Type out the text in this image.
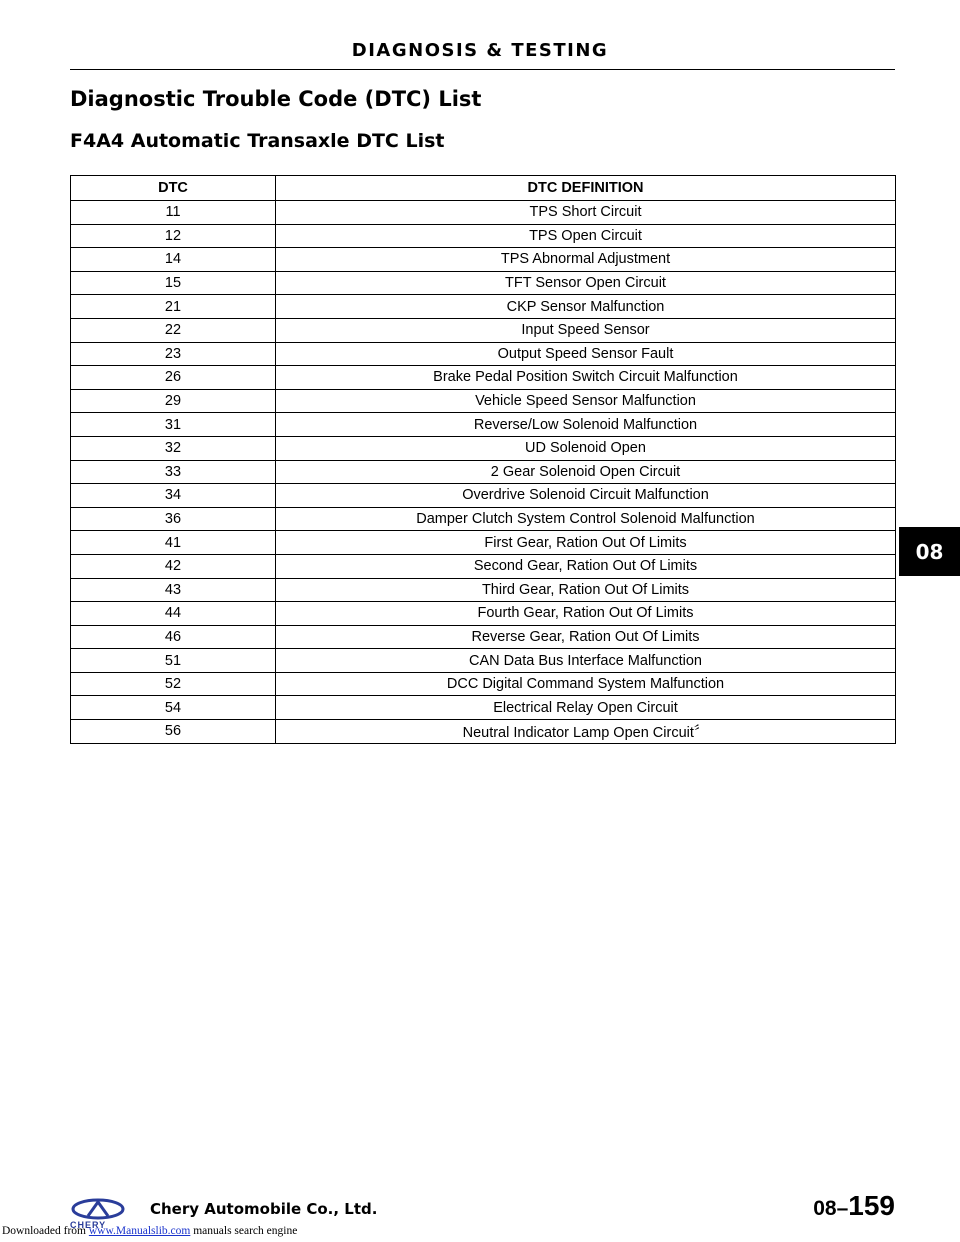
DIAGNOSIS & TESTING
Diagnostic Trouble Code (DTC) List
F4A4 Automatic Transaxle DTC List
DTC	DTC DEFINITION
11	TPS Short Circuit
12	TPS Open Circuit
14	TPS Abnormal Adjustment
15	TFT Sensor Open Circuit
21	CKP Sensor Malfunction
22	Input Speed Sensor
23	Output Speed Sensor Fault
26	Brake Pedal Position Switch Circuit Malfunction
29	Vehicle Speed Sensor Malfunction
31	Reverse/Low Solenoid Malfunction
32	UD Solenoid Open
33	2 Gear Solenoid Open Circuit
34	Overdrive Solenoid Circuit Malfunction
36	Damper Clutch System Control Solenoid Malfunction
41	First Gear, Ration Out Of Limits
42	Second Gear, Ration Out Of Limits
43	Third Gear, Ration Out Of Limits
44	Fourth Gear, Ration Out Of Limits
46	Reverse Gear, Ration Out Of Limits
51	CAN Data Bus Interface Malfunction
52	DCC Digital Command System Malfunction
54	Electrical Relay Open Circuit
56	Neutral Indicator Lamp Open Circuit〞
08
CHERY
Chery Automobile Co., Ltd.	08–159
Downloaded from www.Manualslib.com manuals search engine
